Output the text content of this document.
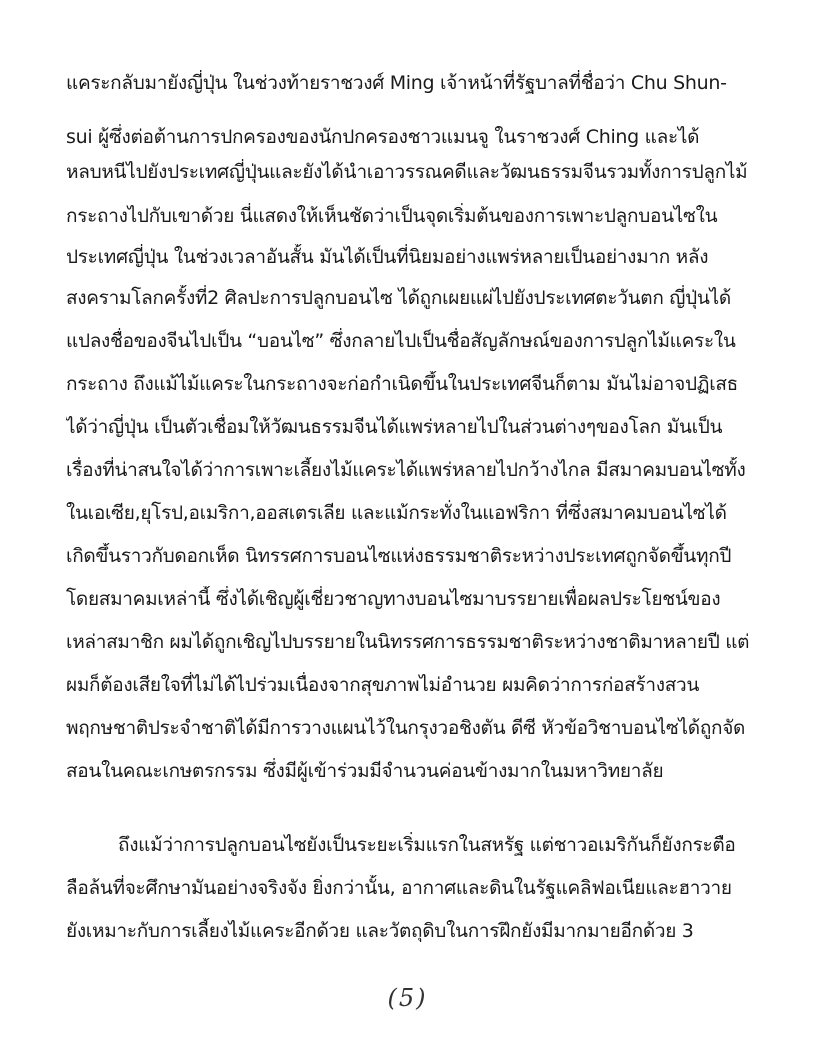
แคระกลับมายังญี่ปุ่น ในช่วงท้ายราชวงศ์ Ming เจ้าหน้าที่รัฐบาลที่ชื่อว่า Chu Shun-
sui ผู้ซึ่งต่อต้านการปกครองของนักปกครองชาวแมนจู ในราชวงศ์ Ching และได้
หลบหนีไปยังประเทศญี่ปุ่นและยังได้นำเอาวรรณคดีและวัฒนธรรมจีนรวมทั้งการปลูกไม้
กระถางไปกับเขาด้วย นี่แสดงให้เห็นชัดว่าเป็นจุดเริ่มต้นของการเพาะปลูกบอนไซใน
ประเทศญี่ปุ่น ในช่วงเวลาอันสั้น มันได้เป็นที่นิยมอย่างแพร่หลายเป็นอย่างมาก หลัง
สงครามโลกครั้งที่2 ศิลปะการปลูกบอนไซ ได้ถูกเผยแผ่ไปยังประเทศตะวันตก ญี่ปุ่นได้
แปลงชื่อของจีนไปเป็น “บอนไซ” ซึ่งกลายไปเป็นชื่อสัญลักษณ์ของการปลูกไม้แคระใน
กระถาง ถึงแม้ไม้แคระในกระถางจะก่อกำเนิดขึ้นในประเทศจีนก็ตาม มันไม่อาจปฏิเสธ
ได้ว่าญี่ปุ่น เป็นตัวเชื่อมให้วัฒนธรรมจีนได้แพร่หลายไปในส่วนต่างๆของโลก มันเป็น
เรื่องที่น่าสนใจได้ว่าการเพาะเลี้ยงไม้แคระได้แพร่หลายไปกว้างไกล มีสมาคมบอนไซทั้ง
ในเอเซีย,ยุโรป,อเมริกา,ออสเตรเลีย และแม้กระทั่งในแอฟริกา ที่ซึ่งสมาคมบอนไซได้
เกิดขึ้นราวกับดอกเห็ด นิทรรศการบอนไซแห่งธรรมชาติระหว่างประเทศถูกจัดขึ้นทุกปี
โดยสมาคมเหล่านี้ ซึ่งได้เชิญผู้เชี่ยวชาญทางบอนไซมาบรรยายเพื่อผลประโยชน์ของ
เหล่าสมาชิก ผมได้ถูกเชิญไปบรรยายในนิทรรศการธรรมชาติระหว่างชาติมาหลายปี แต่
ผมก็ต้องเสียใจที่ไม่ได้ไปร่วมเนื่องจากสุขภาพไม่อำนวย ผมคิดว่าการก่อสร้างสวน
พฤกษชาติประจำชาติได้มีการวางแผนไว้ในกรุงวอชิงตัน ดีซี หัวข้อวิชาบอนไซได้ถูกจัด
สอนในคณะเกษตรกรรม ซึ่งมีผู้เข้าร่วมมีจำนวนค่อนข้างมากในมหาวิทยาลัย
ถึงแม้ว่าการปลูกบอนไซยังเป็นระยะเริ่มแรกในสหรัฐ แต่ชาวอเมริกันก็ยังกระตือ
ลือล้นที่จะศึกษามันอย่างจริงจัง ยิ่งกว่านั้น, อากาศและดินในรัฐแคลิฟอเนียและฮาวาย
ยังเหมาะกับการเลี้ยงไม้แคระอีกด้วย และวัตถุดิบในการฝึกยังมีมากมายอีกด้วย 3
(5)
